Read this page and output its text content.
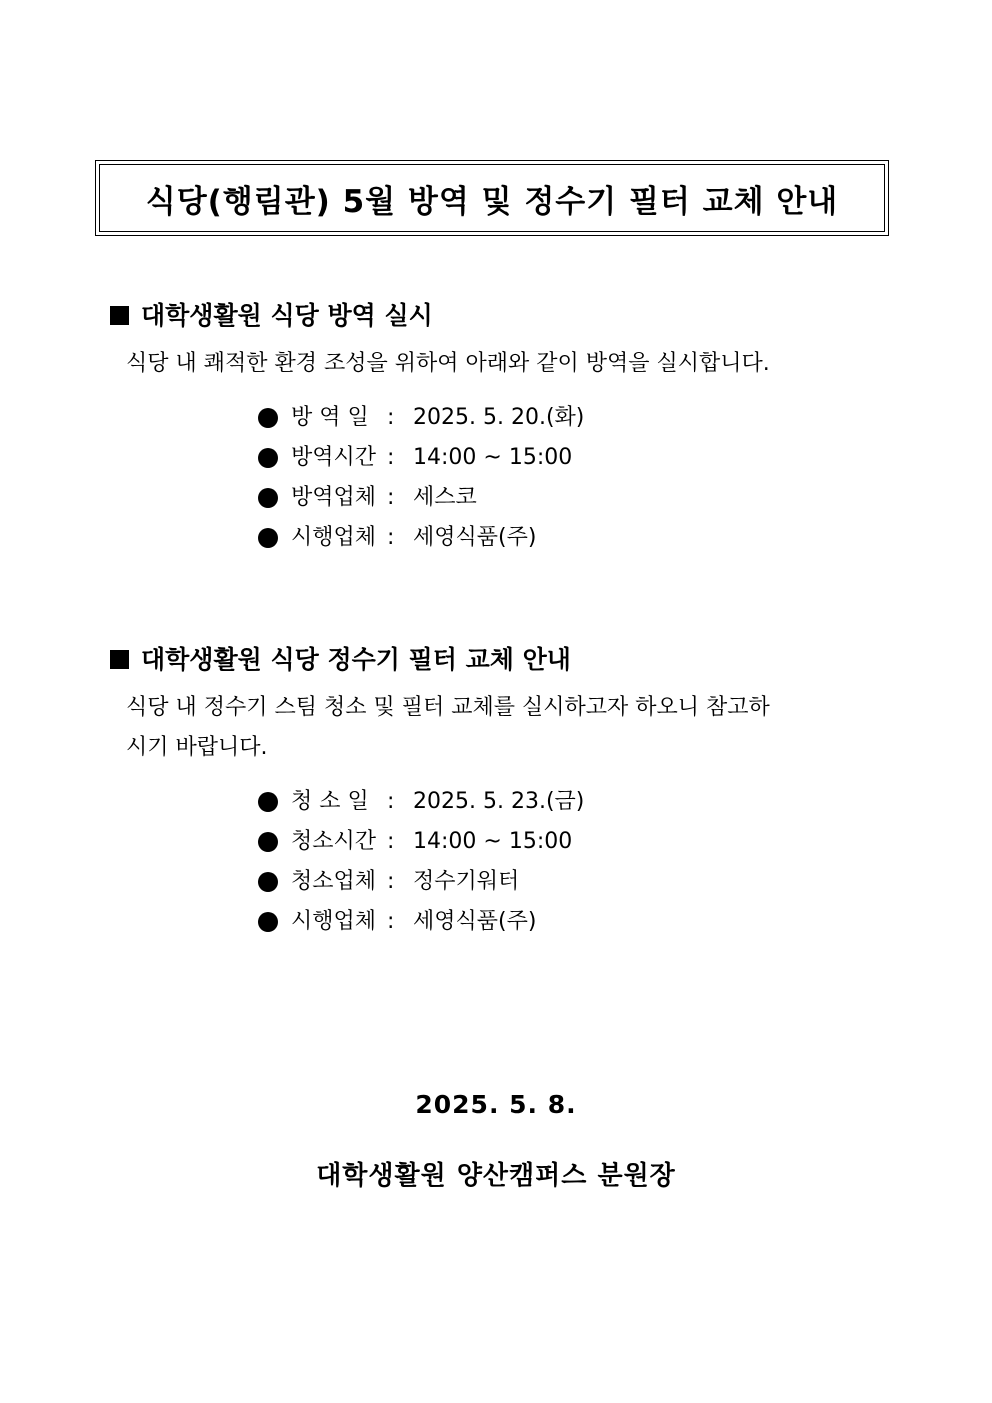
식당(행림관) 5월 방역 및 정수기 필터 교체 안내
대학생활원 식당 방역 실시
식당 내 쾌적한 환경 조성을 위하여 아래와 같이 방역을 실시합니다.
방 역 일 : 2025. 5. 20.(화)
방역시간 : 14:00 ~ 15:00
방역업체 : 세스코
시행업체 : 세영식품(주)
대학생활원 식당 정수기 필터 교체 안내
식당 내 정수기 스팀 청소 및 필터 교체를 실시하고자 하오니 참고하
시기 바랍니다.
청 소 일 : 2025. 5. 23.(금)
청소시간 : 14:00 ~ 15:00
청소업체 : 정수기워터
시행업체 : 세영식품(주)
2025. 5. 8.
대학생활원 양산캠퍼스 분원장
